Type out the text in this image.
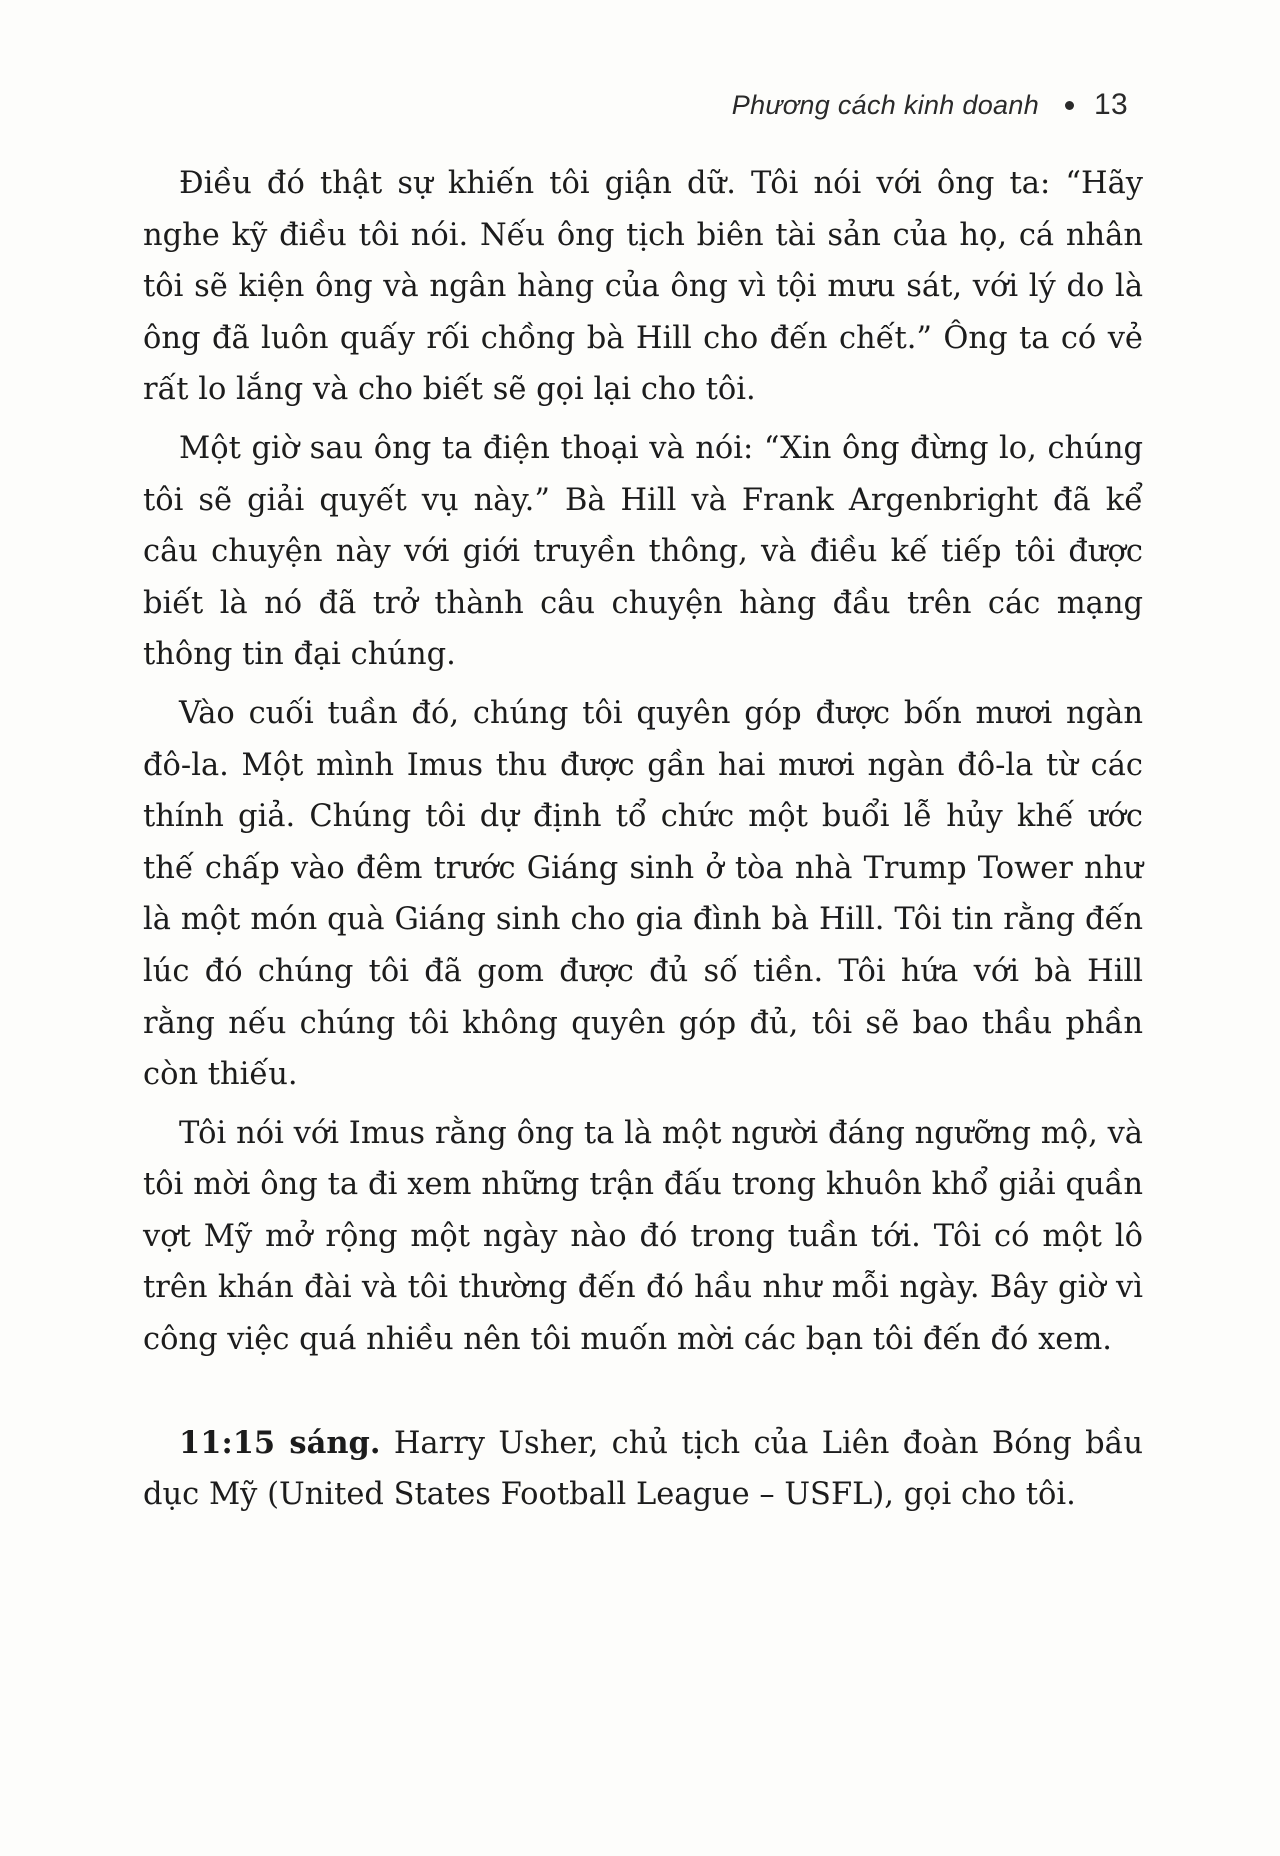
Phương cách kinh doanh 13

Điều đó thật sự khiến tôi giận dữ. Tôi nói với ông ta: “Hãy nghe kỹ điều tôi nói. Nếu ông tịch biên tài sản của họ, cá nhân tôi sẽ kiện ông và ngân hàng của ông vì tội mưu sát, với lý do là ông đã luôn quấy rối chồng bà Hill cho đến chết.” Ông ta có vẻ rất lo lắng và cho biết sẽ gọi lại cho tôi.

Một giờ sau ông ta điện thoại và nói: “Xin ông đừng lo, chúng tôi sẽ giải quyết vụ này.” Bà Hill và Frank Argenbright đã kể câu chuyện này với giới truyền thông, và điều kế tiếp tôi được biết là nó đã trở thành câu chuyện hàng đầu trên các mạng thông tin đại chúng.

Vào cuối tuần đó, chúng tôi quyên góp được bốn mươi ngàn đô-la. Một mình Imus thu được gần hai mươi ngàn đô-la từ các thính giả. Chúng tôi dự định tổ chức một buổi lễ hủy khế ước thế chấp vào đêm trước Giáng sinh ở tòa nhà Trump Tower như là một món quà Giáng sinh cho gia đình bà Hill. Tôi tin rằng đến lúc đó chúng tôi đã gom được đủ số tiền. Tôi hứa với bà Hill rằng nếu chúng tôi không quyên góp đủ, tôi sẽ bao thầu phần còn thiếu.

Tôi nói với Imus rằng ông ta là một người đáng ngưỡng mộ, và tôi mời ông ta đi xem những trận đấu trong khuôn khổ giải quần vợt Mỹ mở rộng một ngày nào đó trong tuần tới. Tôi có một lô trên khán đài và tôi thường đến đó hầu như mỗi ngày. Bây giờ vì công việc quá nhiều nên tôi muốn mời các bạn tôi đến đó xem.

11:15 sáng. Harry Usher, chủ tịch của Liên đoàn Bóng bầu dục Mỹ (United States Football League – USFL), gọi cho tôi.
